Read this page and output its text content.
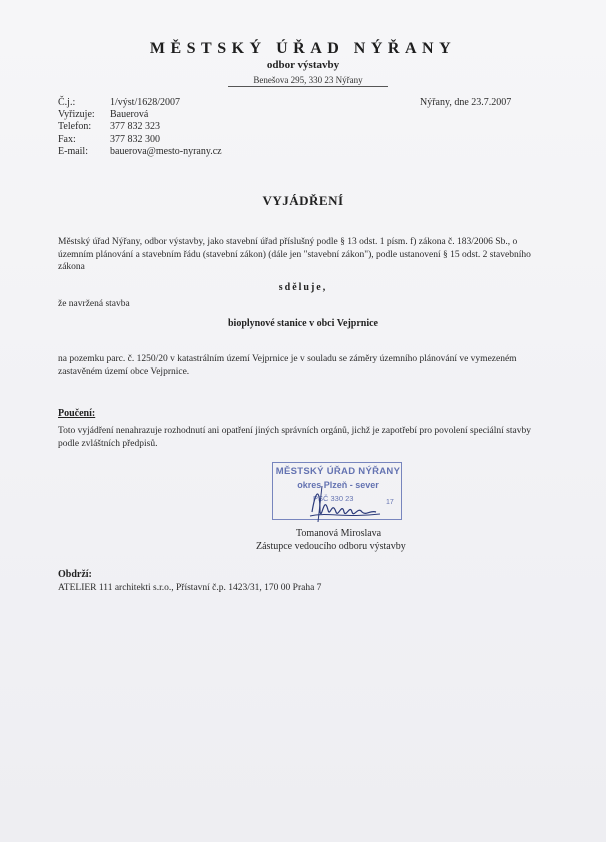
MĚSTSKÝ ÚŘAD NÝŘANY
odbor výstavby
Benešova 295, 330 23 Nýřany
Č.j.:	1/výst/1628/2007
Vyřizuje:	Bauerová
Telefon:	377 832 323
Fax:	377 832 300
E-mail:	bauerova@mesto-nyrany.cz
Nýřany, dne 23.7.2007
VYJÁDŘENÍ
Městský úřad Nýřany, odbor výstavby, jako stavební úřad příslušný podle § 13 odst. 1 písm. f) zákona č. 183/2006 Sb., o územním plánování a stavebním řádu (stavební zákon) (dále jen "stavební zákon"), podle ustanovení § 15 odst. 2 stavebního zákona
sděluje,
že navržená stavba
bioplynové stanice v obci Vejprnice
na pozemku parc. č. 1250/20 v katastrálním území Vejprnice je v souladu se záměry územního plánování ve vymezeném zastavěném území obce Vejprnice.
Poučení:
Toto vyjádření nenahrazuje rozhodnutí ani opatření jiných správních orgánů, jichž je zapotřebí pro povolení speciální stavby podle zvláštních předpisů.
MĚSTSKÝ ÚŘAD NÝŘANY
okres Plzeň - sever
PSČ 330 23	17
Tomanová Miroslava
Zástupce vedoucího odboru výstavby
Obdrží:
ATELIER 111 architekti s.r.o., Přístavní č.p. 1423/31, 170 00 Praha 7
